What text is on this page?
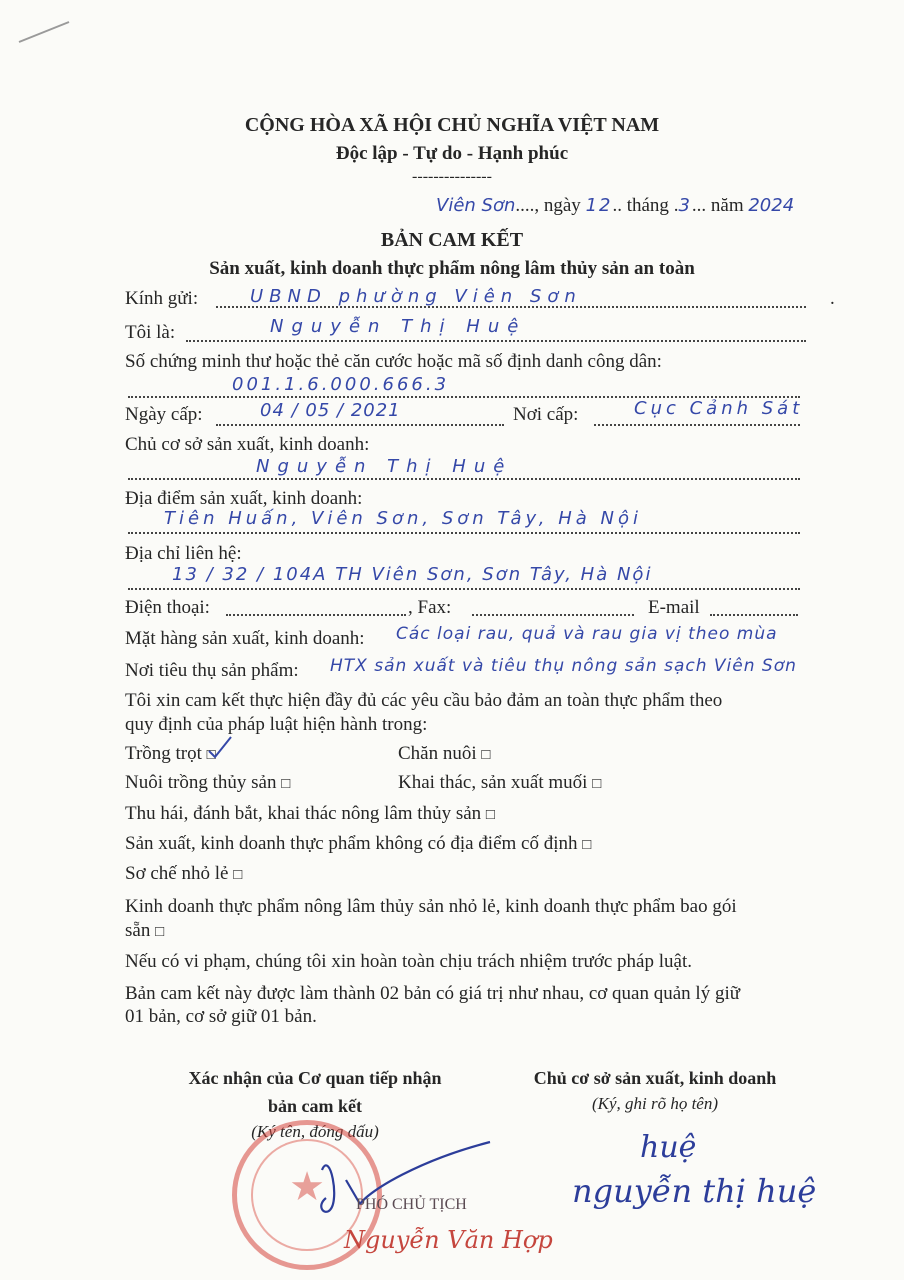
CỘNG HÒA XÃ HỘI CHỦ NGHĨA VIỆT NAM
Độc lập - Tự do - Hạnh phúc
---------------
Viên Sơn...., ngày 12.. tháng .3... năm 2024
BẢN CAM KẾT
Sản xuất, kinh doanh thực phẩm nông lâm thủy sản an toàn
Kính gửi:	UBND phường Viên Sơn	.
Tôi là:	Nguyễn Thị Huệ
Số chứng minh thư hoặc thẻ căn cước hoặc mã số định danh công dân:
001.1.6.000.666.3
Ngày cấp:	04 / 05 / 2021	Nơi cấp:	Cục Cảnh Sát
Chủ cơ sở sản xuất, kinh doanh:
Nguyễn Thị Huệ
Địa điểm sản xuất, kinh doanh:
Tiên Huấn, Viên Sơn, Sơn Tây, Hà Nội
Địa chỉ liên hệ:
13 / 32 / 104A TH Viên Sơn, Sơn Tây, Hà Nội
Điện thoại:	, Fax:	E-mail
Mặt hàng sản xuất, kinh doanh: Các loại rau, quả và rau gia vị theo mùa
Nơi tiêu thụ sản phẩm: HTX sản xuất và tiêu thụ nông sản sạch Viên Sơn
Tôi xin cam kết thực hiện đầy đủ các yêu cầu bảo đảm an toàn thực phẩm theo
quy định của pháp luật hiện hành trong:
Trồng trọt □	Chăn nuôi □
Nuôi trồng thủy sản □	Khai thác, sản xuất muối □
Thu hái, đánh bắt, khai thác nông lâm thủy sản □
Sản xuất, kinh doanh thực phẩm không có địa điểm cố định □
Sơ chế nhỏ lẻ □
Kinh doanh thực phẩm nông lâm thủy sản nhỏ lẻ, kinh doanh thực phẩm bao gói
sẵn □
Nếu có vi phạm, chúng tôi xin hoàn toàn chịu trách nhiệm trước pháp luật.
Bản cam kết này được làm thành 02 bản có giá trị như nhau, cơ quan quản lý giữ
01 bản, cơ sở giữ 01 bản.
Xác nhận của Cơ quan tiếp nhận
bản cam kết
(Ký tên, đóng dấu)
★ PHÓ CHỦ TỊCH
Nguyễn Văn Hợp
Chủ cơ sở sản xuất, kinh doanh
(Ký, ghi rõ họ tên)
huệ
nguyễn thị huệ
